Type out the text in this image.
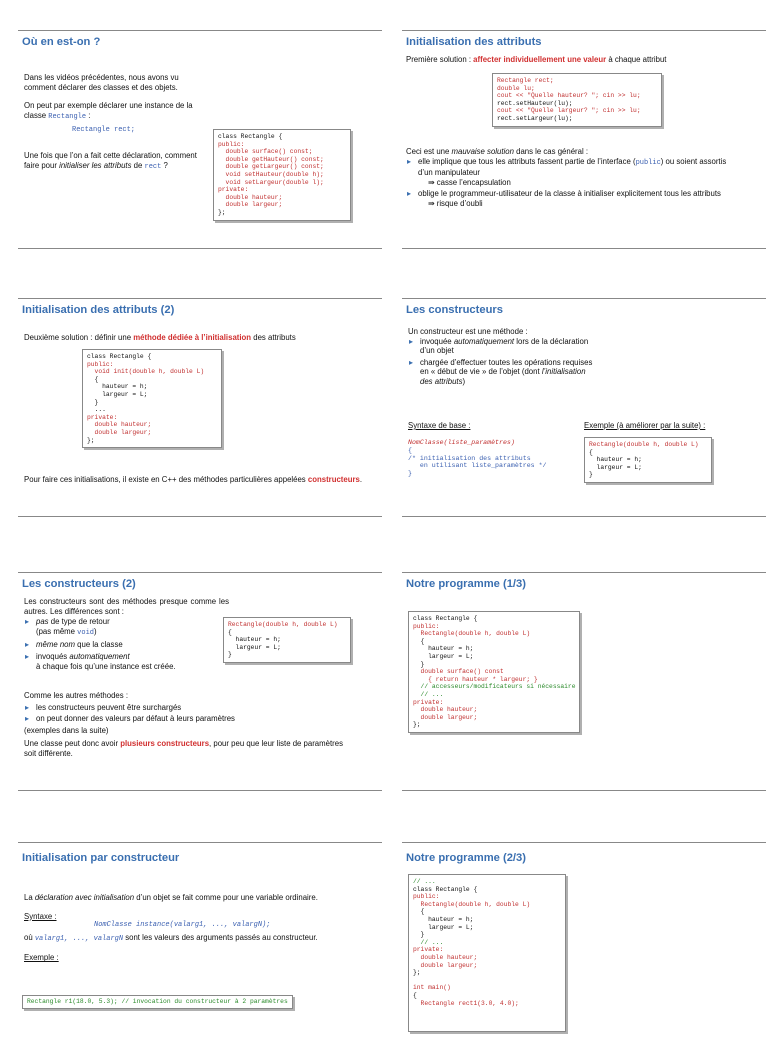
Où en est-on ?

Dans les vidéos précédentes, nous avons vu comment déclarer des classes et des objets.

On peut par exemple déclarer une instance de la classe Rectangle :

Rectangle rect;

Une fois que l’on a fait cette déclaration, comment faire pour initialiser les attributs de rect ?

class Rectangle {
public:
double surface() const;
double getHauteur() const;
double getLargeur() const;
void setHauteur(double h);
void setLargeur(double l);
private:
double hauteur;
double largeur;
};
Initialisation des attributs
Première solution : affecter individuellement une valeur à chaque attribut
Rectangle rect;
double lu;
cout << "Quelle hauteur? "; cin >> lu;
rect.setHauteur(lu);
cout << "Quelle largeur? "; cin >> lu;
rect.setLargeur(lu);

Ceci est une mauvaise solution dans le cas général :

▸ elle implique que tous les attributs fassent partie de l’interface (public) ou soient assortis d’un manipulateur
⇛ casse l’encapsulation
▸ oblige le programmeur-utilisateur de la classe à initialiser explicitement tous les attributs
⇛ risque d’oubli
Initialisation des attributs (2)
Deuxième solution : définir une méthode dédiée à l’initialisation des attributs
class Rectangle {
public:
void init(double h, double L)
{
hauteur = h;
largeur = L;
}
...
private:
double hauteur;
double largeur;
};
Pour faire ces initialisations, il existe en C++ des méthodes particulières appelées constructeurs.
Les constructeurs

Un constructeur est une méthode :

▸ invoquée automatiquement lors de la déclaration d’un objet
▸ chargée d’effectuer toutes les opérations requises en « début de vie » de l’objet (dont l’initialisation des attributs)
Syntaxe de base :	Exemple (à améliorer par la suite) :
NomClasse(liste_paramètres)
{
/* initialisation des attributs
en utilisant liste_paramètres */
}
Rectangle(double h, double L)
{
hauteur = h;
largeur = L;
}
Les constructeurs (2)

Les constructeurs sont des méthodes presque comme les autres. Les différences sont :

▸ pas de type de retour
(pas même void)
▸ même nom que la classe
▸ invoqués automatiquement
à chaque fois qu’une instance est créée.
Rectangle(double h, double L)
{
hauteur = h;
largeur = L;
}

Comme les autres méthodes :

▸ les constructeurs peuvent être surchargés
▸ on peut donner des valeurs par défaut à leurs paramètres

(exemples dans la suite)

Une classe peut donc avoir plusieurs constructeurs, pour peu que leur liste de paramètres soit différente.

Notre programme (1/3)
class Rectangle {
public:
Rectangle(double h, double L)
{
hauteur = h;
largeur = L;
}
double surface() const
{ return hauteur * largeur; }
// accesseurs/modificateurs si nécessaire
// ...
private:
double hauteur;
double largeur;
};
Initialisation par constructeur

La déclaration avec initialisation d’un objet se fait comme pour une variable ordinaire.

Syntaxe :

NomClasse instance(valarg1, ..., valargN);

où valarg1, ..., valargN sont les valeurs des arguments passés au constructeur.

Exemple :

Rectangle r1(18.0, 5.3); // invocation du constructeur à 2 paramètres
Notre programme (2/3)
// ...
class Rectangle {
public:
Rectangle(double h, double L)
{
hauteur = h;
largeur = L;
}
// ...
private:
double hauteur;
double largeur;
};

int main()
{
Rectangle rect1(3.0, 4.0);
